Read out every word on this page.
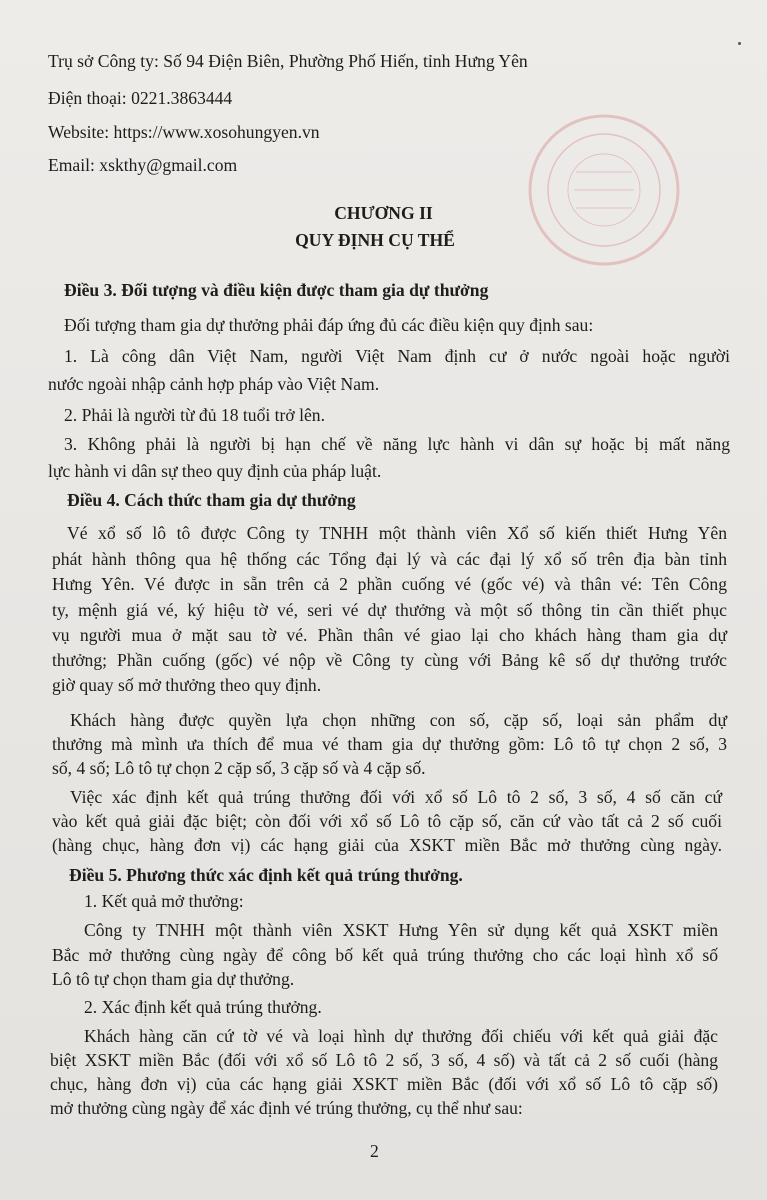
Trụ sở Công ty: Số 94 Điện Biên, Phường Phố Hiến, tỉnh Hưng Yên
Điện thoại: 0221.3863444
Website: https://www.xosohungyen.vn
Email: xskthy@gmail.com
CHƯƠNG II
QUY ĐỊNH CỤ THỂ
Điều 3. Đối tượng và điều kiện được tham gia dự thưởng
Đối tượng tham gia dự thưởng phải đáp ứng đủ các điều kiện quy định sau:
1. Là công dân Việt Nam, người Việt Nam định cư ở nước ngoài hoặc người
nước ngoài nhập cảnh hợp pháp vào Việt Nam.
2. Phải là người từ đủ 18 tuổi trở lên.
3. Không phải là người bị hạn chế về năng lực hành vi dân sự hoặc bị mất năng
lực hành vi dân sự theo quy định của pháp luật.
Điều 4. Cách thức tham gia dự thưởng
Vé xổ số lô tô được Công ty TNHH một thành viên Xổ số kiến thiết Hưng Yên
phát hành thông qua hệ thống các Tổng đại lý và các đại lý xổ số trên địa bàn tỉnh
Hưng Yên. Vé được in sẵn trên cả 2 phần cuống vé (gốc vé) và thân vé: Tên Công
ty, mệnh giá vé, ký hiệu tờ vé, seri vé dự thưởng và một số thông tin cần thiết phục
vụ người mua ở mặt sau tờ vé. Phần thân vé giao lại cho khách hàng tham gia dự
thưởng; Phần cuống (gốc) vé nộp về Công ty cùng với Bảng kê số dự thưởng trước
giờ quay số mở thưởng theo quy định.
Khách hàng được quyền lựa chọn những con số, cặp số, loại sản phẩm dự
thưởng mà mình ưa thích để mua vé tham gia dự thưởng gồm: Lô tô tự chọn 2 số, 3
số, 4 số; Lô tô tự chọn 2 cặp số, 3 cặp số và 4 cặp số.
Việc xác định kết quả trúng thưởng đối với xổ số Lô tô 2 số, 3 số, 4 số căn cứ
vào kết quả giải đặc biệt; còn đối với xổ số Lô tô cặp số, căn cứ vào tất cả 2 số cuối
(hàng chục, hàng đơn vị) các hạng giải của XSKT miền Bắc mở thưởng cùng ngày.
Điều 5. Phương thức xác định kết quả trúng thưởng.
1. Kết quả mở thưởng:
Công ty TNHH một thành viên XSKT Hưng Yên sử dụng kết quả XSKT miền
Bắc mở thưởng cùng ngày để công bố kết quả trúng thưởng cho các loại hình xổ số
Lô tô tự chọn tham gia dự thưởng.
2. Xác định kết quả trúng thưởng.
Khách hàng căn cứ tờ vé và loại hình dự thưởng đối chiếu với kết quả giải đặc
biệt XSKT miền Bắc (đối với xổ số Lô tô 2 số, 3 số, 4 số) và tất cả 2 số cuối (hàng
chục, hàng đơn vị) của các hạng giải XSKT miền Bắc (đối với xổ số Lô tô cặp số)
mở thưởng cùng ngày để xác định vé trúng thưởng, cụ thể như sau:
2
